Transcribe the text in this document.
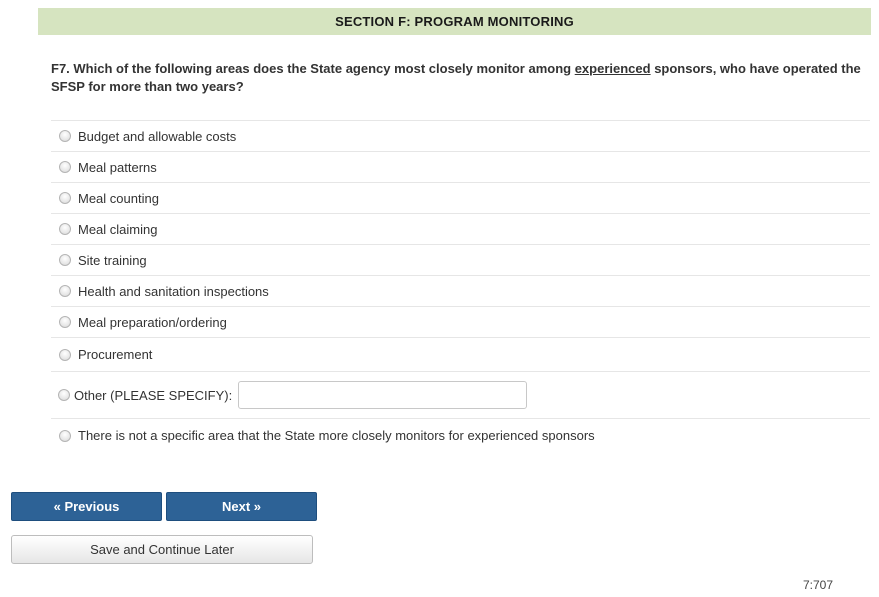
SECTION F: PROGRAM MONITORING
F7. Which of the following areas does the State agency most closely monitor among experienced sponsors, who have operated the SFSP for more than two years?
Budget and allowable costs
Meal patterns
Meal counting
Meal claiming
Site training
Health and sanitation inspections
Meal preparation/ordering
Procurement
Other (PLEASE SPECIFY):
There is not a specific area that the State more closely monitors for experienced sponsors
« Previous	Next »
Save and Continue Later
7:707
